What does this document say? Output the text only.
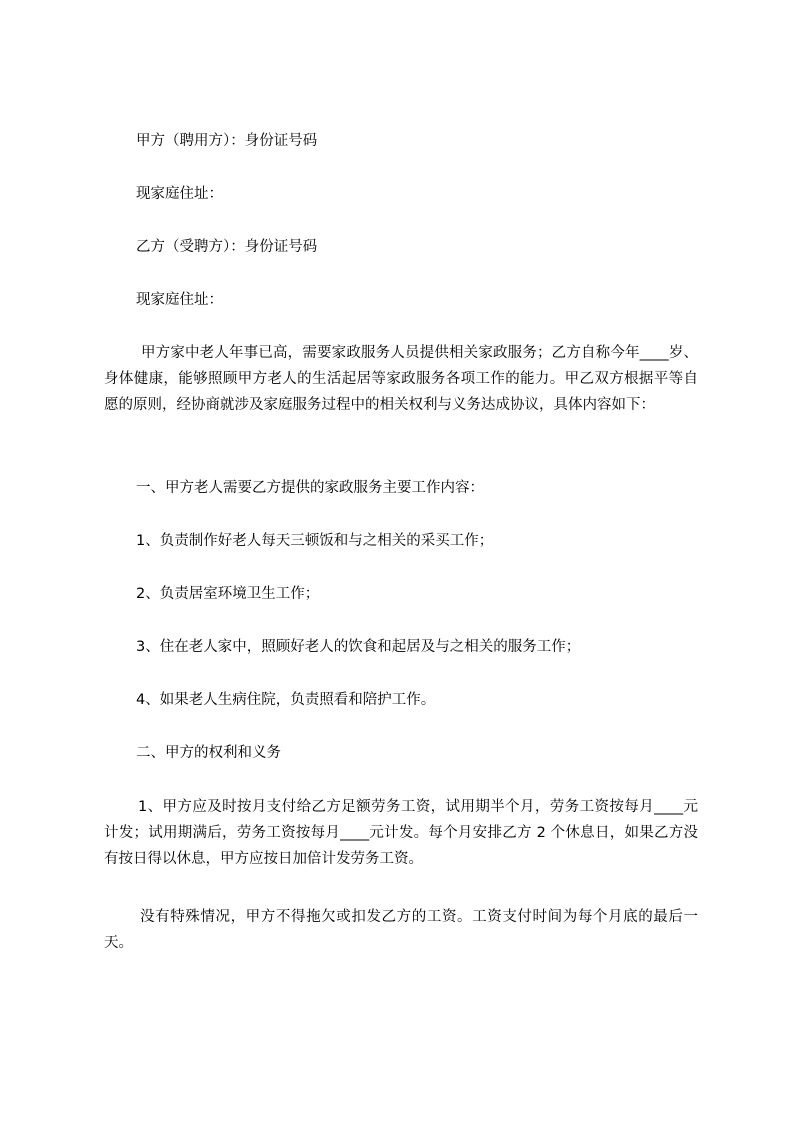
甲方（聘用方）：身份证号码

现家庭住址：

乙方（受聘方）：身份证号码

现家庭住址：

甲方家中老人年事已高，需要家政服务人员提供相关家政服务；乙方自称今年____岁、身体健康，能够照顾甲方老人的生活起居等家政服务各项工作的能力。甲乙双方根据平等自愿的原则，经协商就涉及家庭服务过程中的相关权利与义务达成协议，具体内容如下：

一、甲方老人需要乙方提供的家政服务主要工作内容：

1、负责制作好老人每天三顿饭和与之相关的采买工作；

2、负责居室环境卫生工作；

3、住在老人家中，照顾好老人的饮食和起居及与之相关的服务工作；

4、如果老人生病住院，负责照看和陪护工作。

二、甲方的权利和义务

1、甲方应及时按月支付给乙方足额劳务工资，试用期半个月，劳务工资按每月____元计发；试用期满后，劳务工资按每月____元计发。每个月安排乙方 2 个休息日，如果乙方没有按日得以休息，甲方应按日加倍计发劳务工资。

没有特殊情况，甲方不得拖欠或扣发乙方的工资。工资支付时间为每个月底的最后一天。
